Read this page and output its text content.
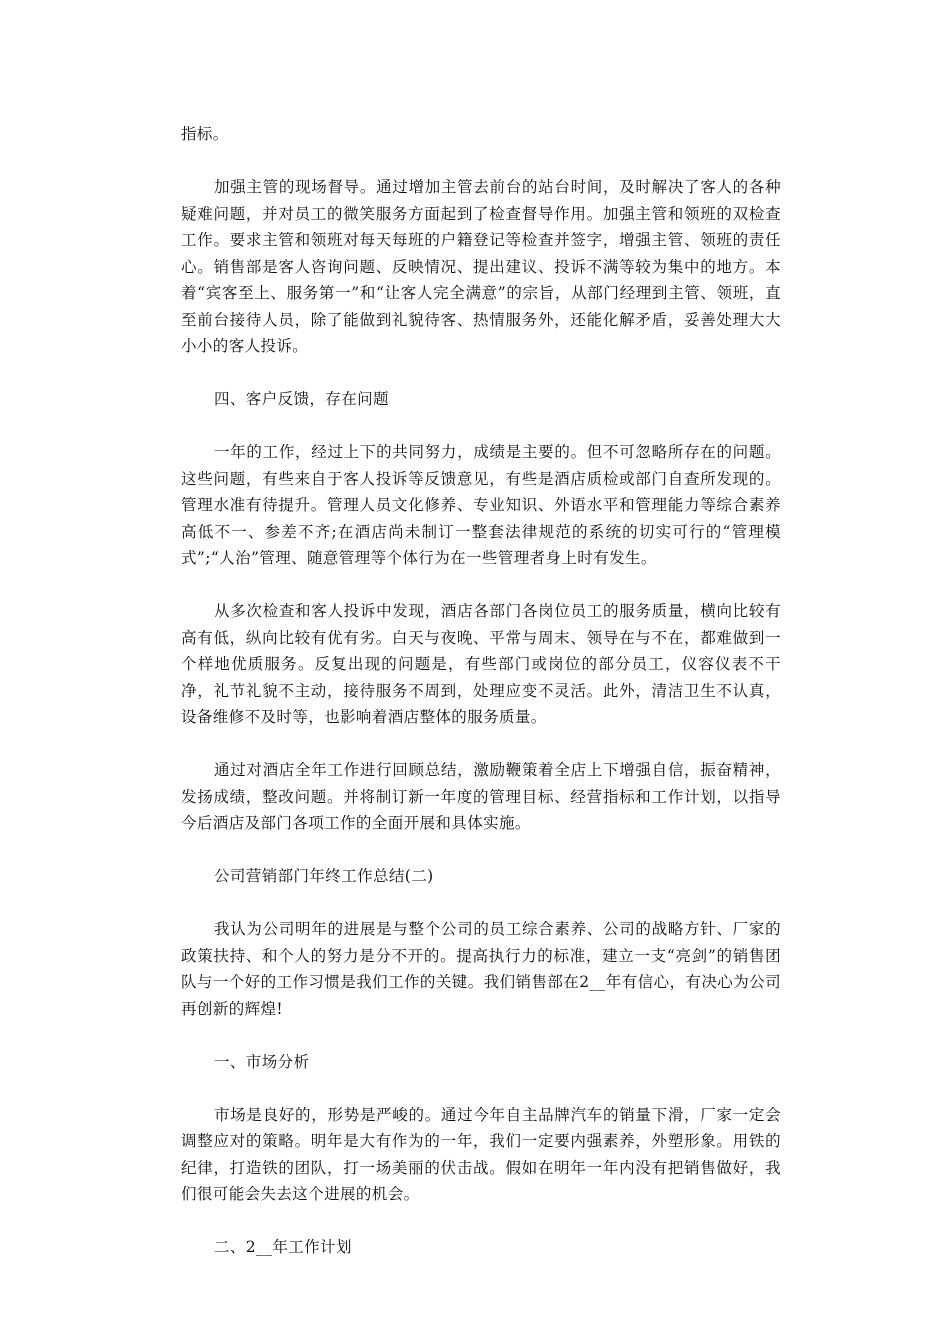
指标。

加强主管的现场督导。通过增加主管去前台的站台时间，及时解决了客人的各种疑难问题，并对员工的微笑服务方面起到了检查督导作用。加强主管和领班的双检查工作。要求主管和领班对每天每班的户籍登记等检查并签字，增强主管、领班的责任心。销售部是客人咨询问题、反映情况、提出建议、投诉不满等较为集中的地方。本着“宾客至上、服务第一”和“让客人完全满意”的宗旨，从部门经理到主管、领班，直至前台接待人员，除了能做到礼貌待客、热情服务外，还能化解矛盾，妥善处理大大小小的客人投诉。

四、客户反馈，存在问题

一年的工作，经过上下的共同努力，成绩是主要的。但不可忽略所存在的问题。这些问题，有些来自于客人投诉等反馈意见，有些是酒店质检或部门自查所发现的。管理水准有待提升。管理人员文化修养、专业知识、外语水平和管理能力等综合素养高低不一、参差不齐;在酒店尚未制订一整套法律规范的系统的切实可行的“管理模式”;“人治”管理、随意管理等个体行为在一些管理者身上时有发生。

从多次检查和客人投诉中发现，酒店各部门各岗位员工的服务质量，横向比较有高有低，纵向比较有优有劣。白天与夜晚、平常与周末、领导在与不在，都难做到一个样地优质服务。反复出现的问题是，有些部门或岗位的部分员工，仪容仪表不干净，礼节礼貌不主动，接待服务不周到，处理应变不灵活。此外，清洁卫生不认真，设备维修不及时等，也影响着酒店整体的服务质量。

通过对酒店全年工作进行回顾总结，激励鞭策着全店上下增强自信，振奋精神，发扬成绩，整改问题。并将制订新一年度的管理目标、经营指标和工作计划，以指导今后酒店及部门各项工作的全面开展和具体实施。

公司营销部门年终工作总结(二)

我认为公司明年的进展是与整个公司的员工综合素养、公司的战略方针、厂家的政策扶持、和个人的努力是分不开的。提高执行力的标准，建立一支“亮剑”的销售团队与一个好的工作习惯是我们工作的关键。我们销售部在2__年有信心，有决心为公司再创新的辉煌!

一、市场分析

市场是良好的，形势是严峻的。通过今年自主品牌汽车的销量下滑，厂家一定会调整应对的策略。明年是大有作为的一年，我们一定要内强素养，外塑形象。用铁的纪律，打造铁的团队，打一场美丽的伏击战。假如在明年一年内没有把销售做好，我们很可能会失去这个进展的机会。

二、2__年工作计划
